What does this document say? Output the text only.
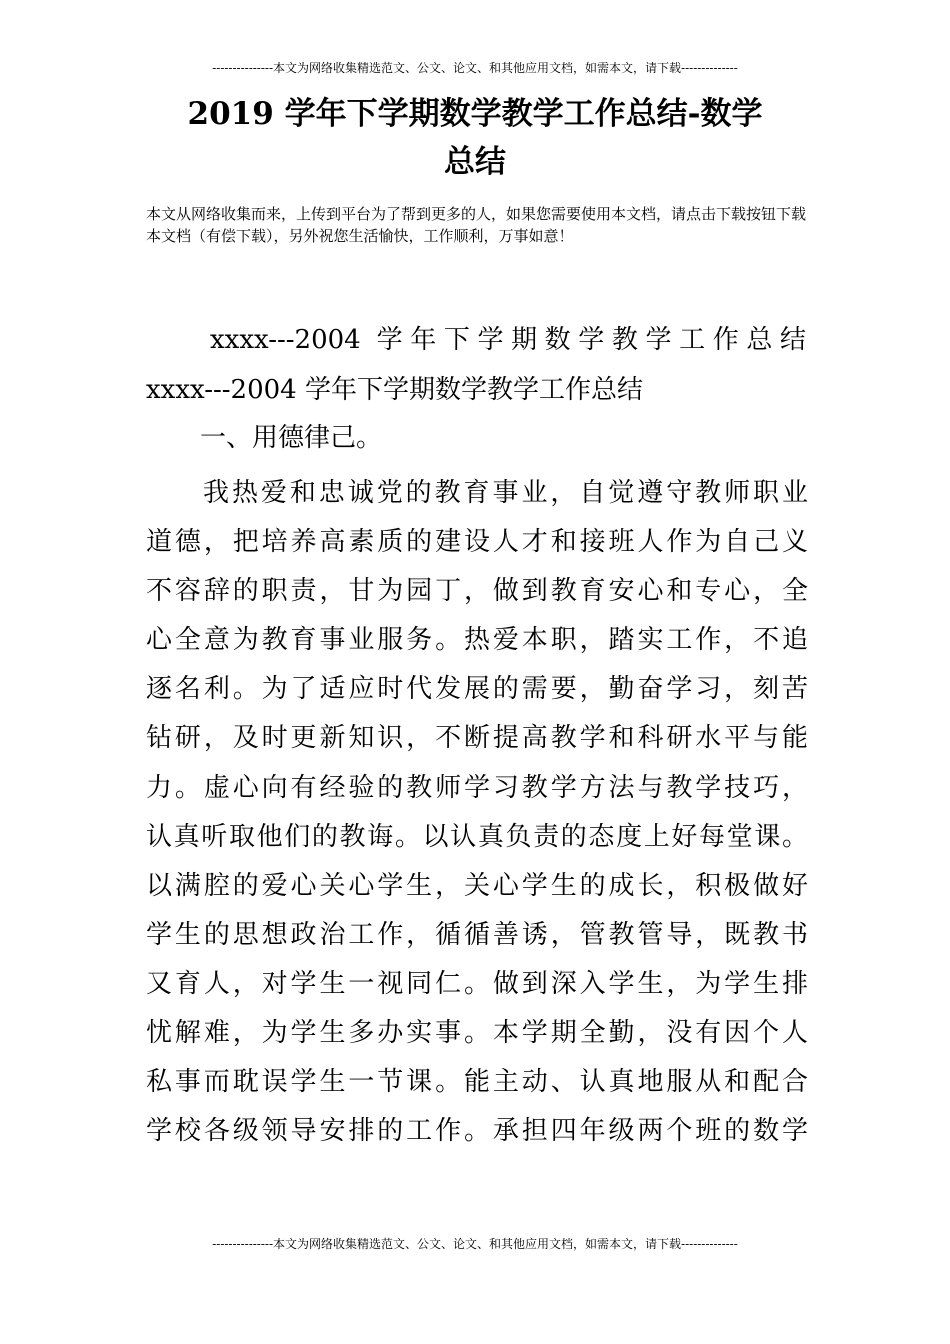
---------------本文为网络收集精选范文、公文、论文、和其他应用文档，如需本文，请下载--------------
2019 学年下学期数学教学工作总结-数学
总结
本文从网络收集而来，上传到平台为了帮到更多的人，如果您需要使用本文档，请点击下载按钮下载本文档（有偿下载），另外祝您生活愉快，工作顺利，万事如意！
xxxx---2004 学年下学期数学教学工作总结
xxxx---2004 学年下学期数学教学工作总结
一、用德律己。
我热爱和忠诚党的教育事业，自觉遵守教师职业
道德，把培养高素质的建设人才和接班人作为自己义
不容辞的职责，甘为园丁，做到教育安心和专心，全
心全意为教育事业服务。热爱本职，踏实工作，不追
逐名利。为了适应时代发展的需要，勤奋学习，刻苦
钻研，及时更新知识，不断提高教学和科研水平与能
力。虚心向有经验的教师学习教学方法与教学技巧，
认真听取他们的教诲。以认真负责的态度上好每堂课。
以满腔的爱心关心学生，关心学生的成长，积极做好
学生的思想政治工作，循循善诱，管教管导，既教书
又育人，对学生一视同仁。做到深入学生，为学生排
忧解难，为学生多办实事。本学期全勤，没有因个人
私事而耽误学生一节课。能主动、认真地服从和配合
学校各级领导安排的工作。承担四年级两个班的数学
---------------本文为网络收集精选范文、公文、论文、和其他应用文档，如需本文，请下载--------------
